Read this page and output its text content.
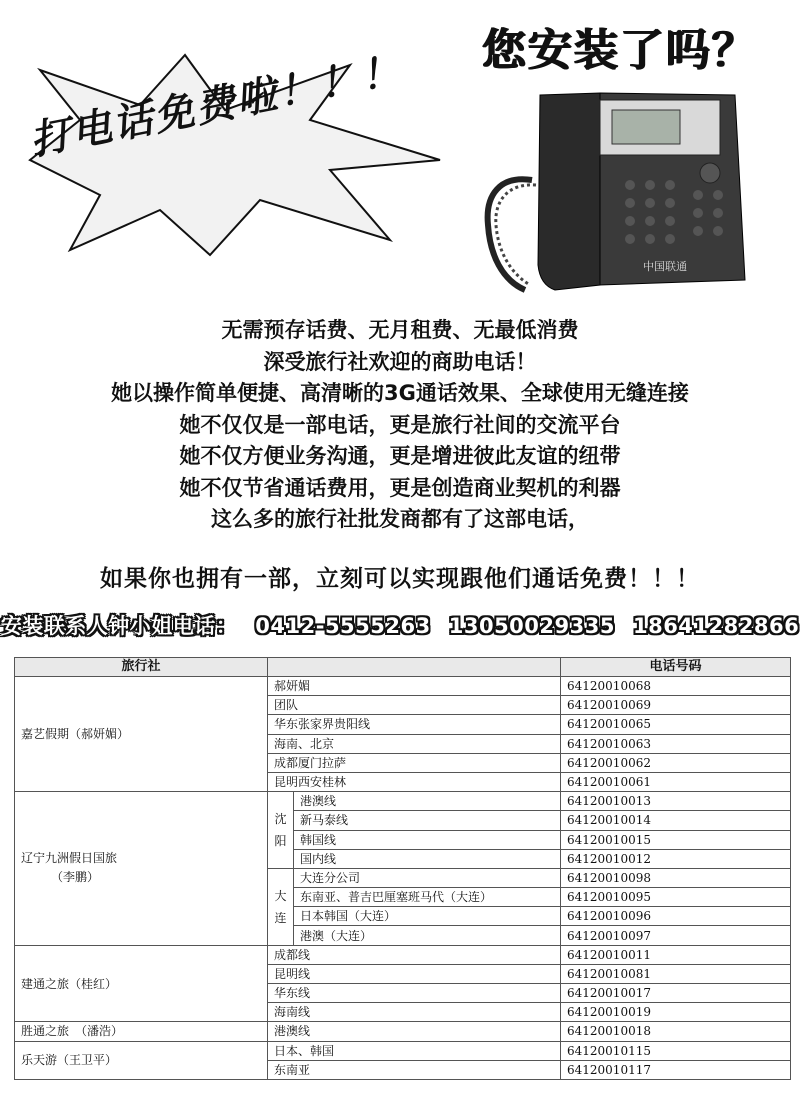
打电话免费啦！！！	您安装了吗？
中国联通
无需预存话费、无月租费、无最低消费
深受旅行社欢迎的商助电话！
她以操作简单便捷、高清晰的3G通话效果、全球使用无缝连接
她不仅仅是一部电话，更是旅行社间的交流平台
她不仅方便业务沟通，更是增进彼此友谊的纽带
她不仅节省通话费用，更是创造商业契机的利器
这么多的旅行社批发商都有了这部电话，
如果你也拥有一部，立刻可以实现跟他们通话免费！！！
安装联系人钟小姐电话： 0412-5555263 13050029335 18641282866
旅行社			电话号码
嘉艺假期（郝妍媚）	郝妍媚		64120010068
	团队		64120010069
	华东张家界贵阳线		64120010065
	海南、北京		64120010063
	成都厦门拉萨		64120010062
	昆明西安桂林		64120010061

辽宁九洲假日国旅
（李鹏）	沈阳	港澳线	64120010013
		新马泰线	64120010014
		韩国线	64120010015
		国内线	64120010012
	大连	大连分公司	64120010098
		东南亚、普吉巴厘塞班马代（大连）	64120010095
		日本韩国（大连）	64120010096
		港澳（大连）	64120010097
建通之旅（桂红）	成都线		64120010011
	昆明线		64120010081
	华东线		64120010017
	海南线		64120010019
胜通之旅　（潘浩）	港澳线		64120010018
乐天游（王卫平）	日本、韩国		64120010115
	东南亚		64120010117
